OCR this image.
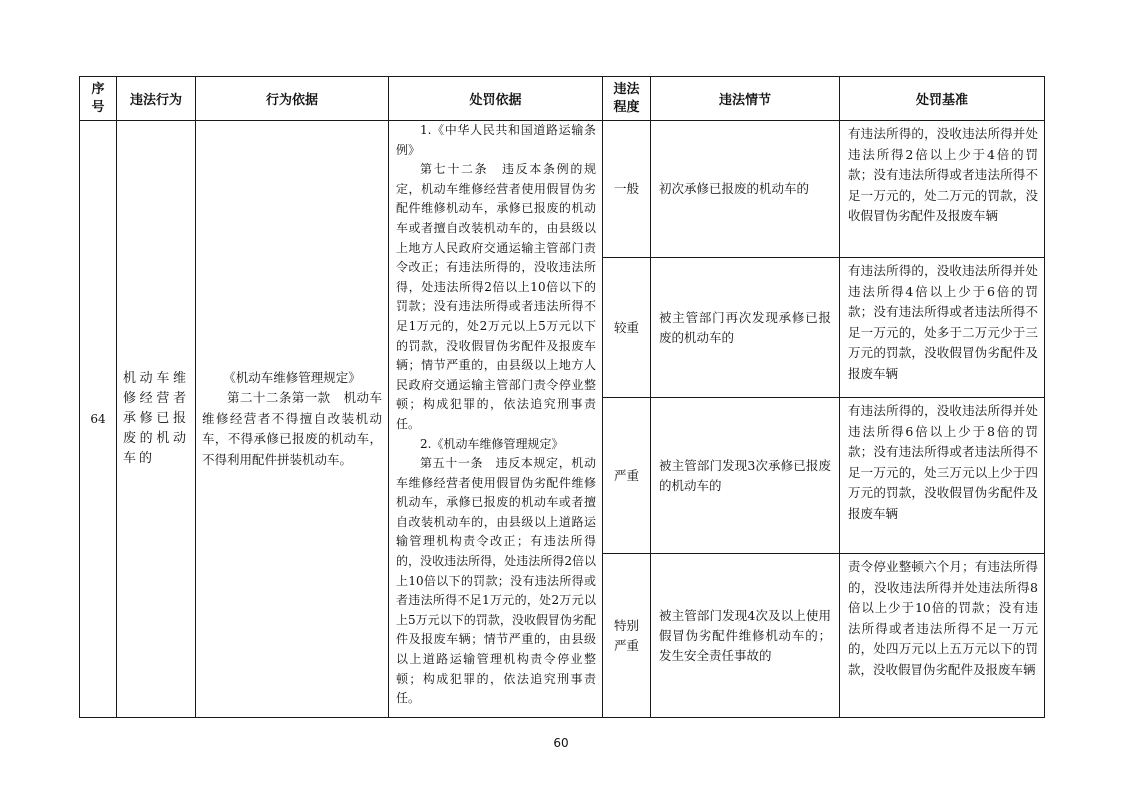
序
号	违法行为	行为依据	处罚依据	违法
程度	违法情节	处罚基准
64	机动车维修经营者承修已报废的机动车的	《机动车维修管理规定》
第二十二条第一款　机动车维修经营者不得擅自改装机动车，不得承修已报废的机动车，不得利用配件拼装机动车。	1.《中华人民共和国道路运输条例》
第七十二条　违反本条例的规定，机动车维修经营者使用假冒伪劣配件维修机动车，承修已报废的机动车或者擅自改装机动车的，由县级以上地方人民政府交通运输主管部门责令改正；有违法所得的，没收违法所得，处违法所得2倍以上10倍以下的罚款；没有违法所得或者违法所得不足1万元的，处2万元以上5万元以下的罚款，没收假冒伪劣配件及报废车辆；情节严重的，由县级以上地方人民政府交通运输主管部门责令停业整顿；构成犯罪的，依法追究刑事责任。
2.《机动车维修管理规定》
第五十一条　违反本规定，机动车维修经营者使用假冒伪劣配件维修机动车，承修已报废的机动车或者擅自改装机动车的，由县级以上道路运输管理机构责令改正；有违法所得的，没收违法所得，处违法所得2倍以上10倍以下的罚款；没有违法所得或者违法所得不足1万元的，处2万元以上5万元以下的罚款，没收假冒伪劣配件及报废车辆；情节严重的，由县级以上道路运输管理机构责令停业整顿；构成犯罪的，依法追究刑事责任。	一般	初次承修已报废的机动车的	有违法所得的，没收违法所得并处违法所得2倍以上少于4倍的罚款；没有违法所得或者违法所得不足一万元的，处二万元的罚款，没收假冒伪劣配件及报废车辆

				较重	被主管部门再次发现承修已报废的机动车的	有违法所得的，没收违法所得并处违法所得4倍以上少于6倍的罚款；没有违法所得或者违法所得不足一万元的，处多于二万元少于三万元的罚款，没收假冒伪劣配件及报废车辆

				严重	被主管部门发现3次承修已报废的机动车的	有违法所得的，没收违法所得并处违法所得6倍以上少于8倍的罚款；没有违法所得或者违法所得不足一万元的，处三万元以上少于四万元的罚款，没收假冒伪劣配件及报废车辆

				特别
严重	被主管部门发现4次及以上使用假冒伪劣配件维修机动车的；发生安全责任事故的	责令停业整顿六个月；有违法所得的，没收违法所得并处违法所得8倍以上少于10倍的罚款；没有违法所得或者违法所得不足一万元的，处四万元以上五万元以下的罚款，没收假冒伪劣配件及报废车辆
60
